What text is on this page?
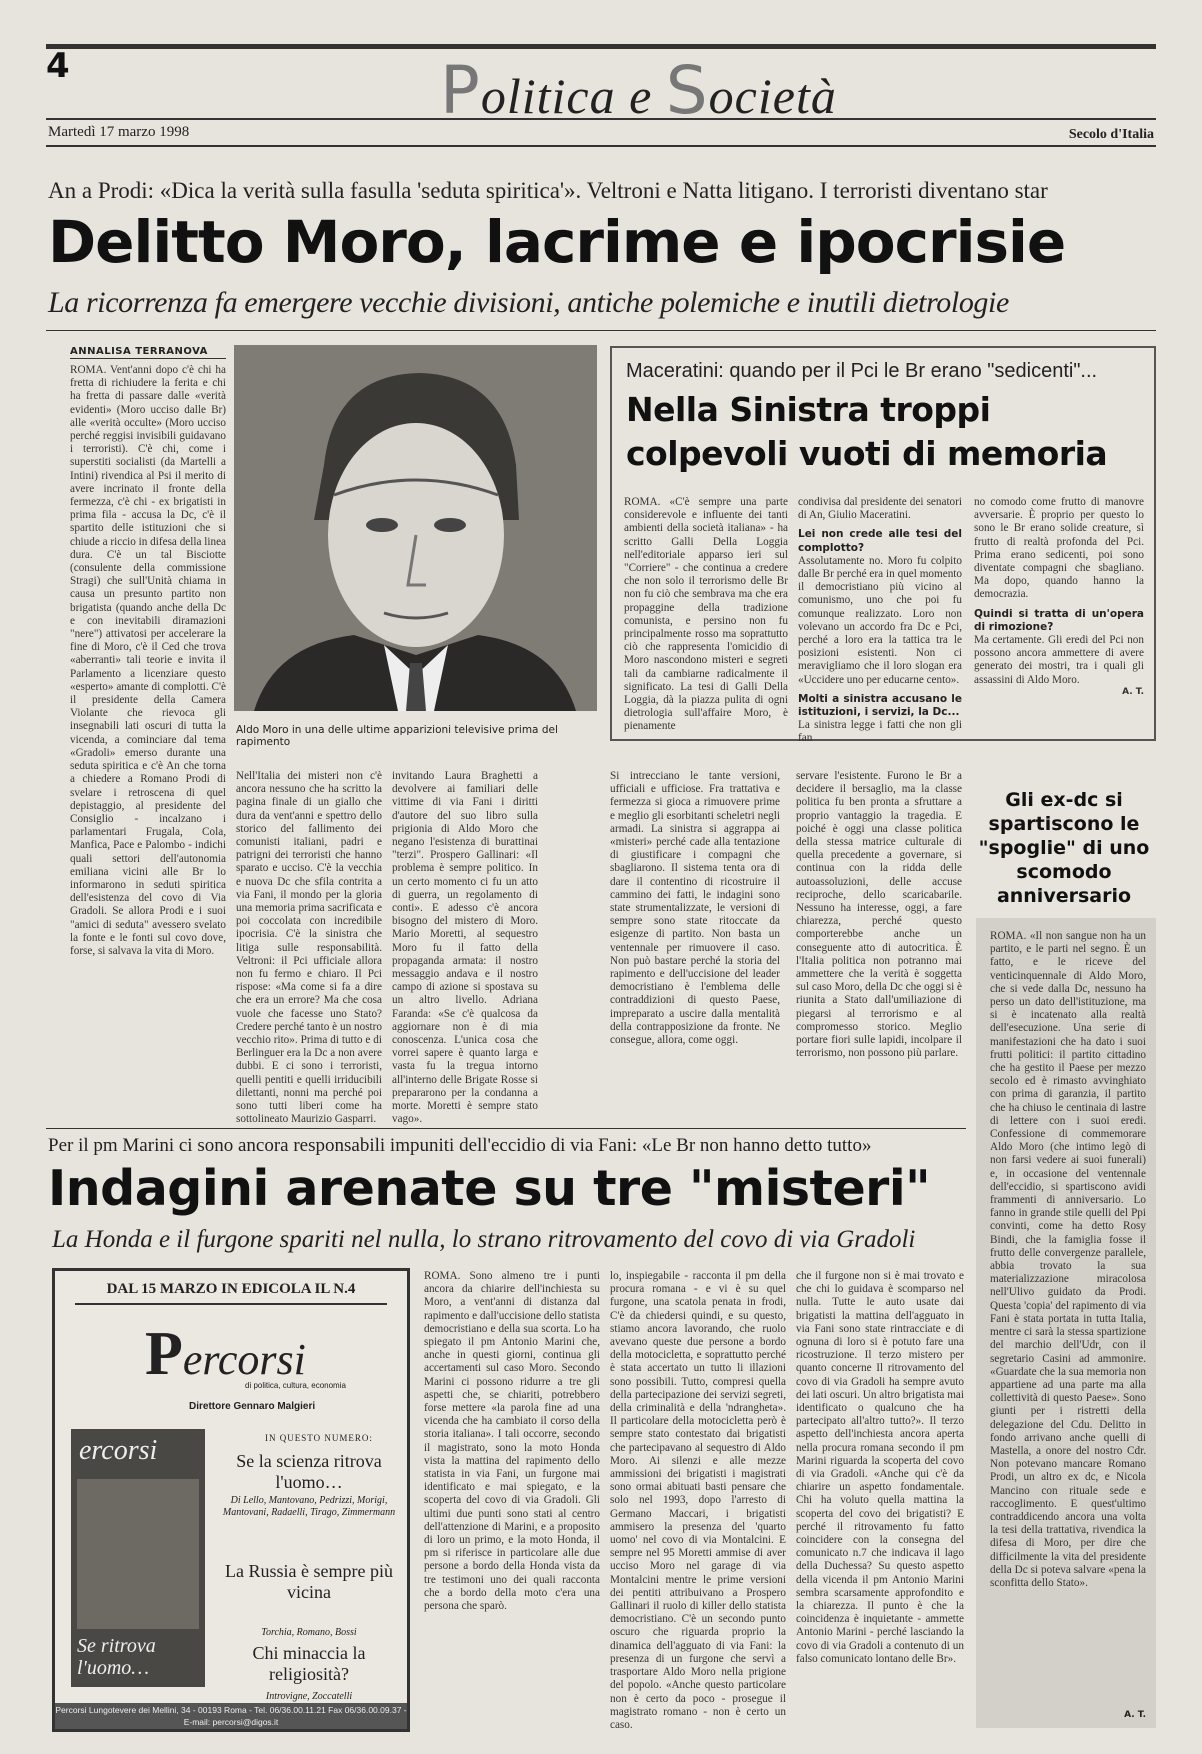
4	Politica e Società
Martedì 17 marzo 1998	Secolo d'Italia
An a Prodi: «Dica la verità sulla fasulla 'seduta spiritica'». Veltroni e Natta litigano. I terroristi diventano star
Delitto Moro, lacrime e ipocrisie
La ricorrenza fa emergere vecchie divisioni, antiche polemiche e inutili dietrologie
ANNALISA TERRANOVA
ROMA. Vent'anni dopo c'è chi ha fretta di richiudere la ferita e chi ha fretta di passare dalle «verità evidenti» (Moro ucciso dalle Br) alle «verità occulte» (Moro ucciso perché reggisi invisibili guidavano i terroristi). C'è chi, come i superstiti socialisti (da Martelli a Intini) rivendica al Psi il merito di avere incrinato il fronte della fermezza, c'è chi - ex brigatisti in prima fila - accusa la Dc, c'è il spartito delle istituzioni che si chiude a riccio in difesa della linea dura. C'è un tal Bisciotte (consulente della commissione Stragi) che sull'Unità chiama in causa un presunto partito non brigatista (quando anche della Dc e con inevitabili diramazioni "nere") attivatosi per accelerare la fine di Moro, c'è il Ced che trova «aberranti» tali teorie e invita il Parlamento a licenziare questo «esperto» amante di complotti. C'è il presidente della Camera Violante che rievoca gli insegnabili lati oscuri di tutta la vicenda, a cominciare dal tema «Gradoli» emerso durante una seduta spiritica e c'è An che torna a chiedere a Romano Prodi di svelare i retroscena di quel depistaggio, al presidente del Consiglio - incalzano i parlamentari Frugala, Cola, Manfica, Pace e Palombo - indichi quali settori dell'autonomia emiliana vicini alle Br lo informarono in seduti spiritica dell'esistenza del covo di Via Gradoli. Se allora Prodi e i suoi "amici di seduta" avessero svelato la fonte e le fonti sul covo dove, forse, si salvava la vita di Moro.
Aldo Moro in una delle ultime apparizioni televisive prima del rapimento
Maceratini: quando per il Pci le Br erano "sedicenti"...
Nella Sinistra troppi colpevoli vuoti di memoria
ROMA. «C'è sempre una parte considerevole e influente dei tanti ambienti della società italiana» - ha scritto Galli Della Loggia nell'editoriale apparso ieri sul "Corriere" - che continua a credere che non solo il terrorismo delle Br non fu ciò che sembrava ma che era propaggine della tradizione comunista, e persino non fu principalmente rosso ma soprattutto ciò che rappresenta l'omicidio di Moro nascondono misteri e segreti tali da cambiarne radicalmente il significato. La tesi di Galli Della Loggia, dà la piazza pulita di ogni dietrologia sull'affaire Moro, è pienamente
condivisa dal presidente dei senatori di An, Giulio Maceratini.
Lei non crede alle tesi del complotto?
Assolutamente no. Moro fu colpito dalle Br perché era in quel momento il democristiano più vicino al comunismo, uno che poi fu comunque realizzato. Loro non volevano un accordo fra Dc e Pci, perché a loro era la tattica tra le posizioni esistenti. Non ci meravigliamo che il loro slogan era «Uccidere uno per educarne cento».
Molti a sinistra accusano le istituzioni, i servizi, la Dc...
La sinistra legge i fatti che non gli fan
no comodo come frutto di manovre avversarie. È proprio per questo lo sono le Br erano solide creature, sì frutto di realtà profonda del Pci. Prima erano sedicenti, poi sono diventate compagni che sbagliano. Ma dopo, quando hanno la democrazia.
Quindi si tratta di un'opera di rimozione?
Ma certamente. Gli eredi del Pci non possono ancora ammettere di avere generato dei mostri, tra i quali gli assassini di Aldo Moro.
A. T.
Nell'Italia dei misteri non c'è ancora nessuno che ha scritto la pagina finale di un giallo che dura da vent'anni e spettro dello storico del fallimento dei comunisti italiani, padri e patrigni dei terroristi che hanno sparato e ucciso. C'è la vecchia e nuova Dc che sfila contrita a via Fani, il mondo per la gloria una memoria prima sacrificata e poi coccolata con incredibile ipocrisia. C'è la sinistra che litiga sulle responsabilità. Veltroni: il Pci ufficiale allora non fu fermo e chiaro. Il Pci rispose: «Ma come si fa a dire che era un errore? Ma che cosa vuole che facesse uno Stato? Credere perché tanto è un nostro vecchio rito». Prima di tutto e di Berlinguer era la Dc a non avere dubbi. E ci sono i terroristi, quelli pentiti e quelli irriducibili dilettanti, nonni ma perché poi sono tutti liberi come ha sottolineato Maurizio Gasparri.
invitando Laura Braghetti a devolvere ai familiari delle vittime di via Fani i diritti d'autore del suo libro sulla prigionia di Aldo Moro che negano l'esistenza di burattinai "terzi". Prospero Gallinari: «Il problema è sempre politico. In un certo momento ci fu un atto di guerra, un regolamento di conti». E adesso c'è ancora bisogno del mistero di Moro. Mario Moretti, al sequestro Moro fu il fatto della propaganda armata: il nostro messaggio andava e il nostro campo di azione si spostava su un altro livello. Adriana Faranda: «Se c'è qualcosa da aggiornare non è di mia conoscenza. L'unica cosa che vorrei sapere è quanto larga e vasta fu la tregua intorno all'interno delle Brigate Rosse si prepararono per la condanna a morte. Moretti è sempre stato vago».
Si intrecciano le tante versioni, ufficiali e ufficiose. Fra trattativa e fermezza si gioca a rimuovere prime e meglio gli esorbitanti scheletri negli armadi. La sinistra si aggrappa ai «misteri» perché cade alla tentazione di giustificare i compagni che sbagliarono. Il sistema tenta ora di dare il contentino di ricostruire il cammino dei fatti, le indagini sono state strumentalizzate, le versioni di sempre sono state ritoccate da esigenze di partito. Non basta un ventennale per rimuovere il caso. Non può bastare perché la storia del rapimento e dell'uccisione del leader democristiano è l'emblema delle contraddizioni di questo Paese, impreparato a uscire dalla mentalità della contrapposizione da fronte. Ne consegue, allora, come oggi.
servare l'esistente. Furono le Br a decidere il bersaglio, ma la classe politica fu ben pronta a sfruttare a proprio vantaggio la tragedia. E poiché è oggi una classe politica della stessa matrice culturale di quella precedente a governare, si continua con la ridda delle autoassoluzioni, delle accuse reciproche, dello scaricabarile. Nessuno ha interesse, oggi, a fare chiarezza, perché questo comporterebbe anche un conseguente atto di autocritica. È l'Italia politica non potranno mai ammettere che la verità è soggetta sul caso Moro, della Dc che oggi si è riunita a Stato dall'umiliazione di piegarsi al terrorismo e al compromesso storico. Meglio portare fiori sulle lapidi, incolpare il terrorismo, non possono più parlare.
Gli ex-dc si spartiscono le "spoglie" di uno scomodo anniversario
ROMA. «Il non sangue non ha un partito, e le parti nel segno. È un fatto, e le riceve del venticinquennale di Aldo Moro, che si vede dalla Dc, nessuno ha perso un dato dell'istituzione, ma si è incatenato alla realtà dell'esecuzione. Una serie di manifestazioni che ha dato i suoi frutti politici: il partito cittadino che ha gestito il Paese per mezzo secolo ed è rimasto avvinghiato con prima di garanzia, il partito che ha chiuso le centinaia di lastre di lettere con i suoi eredi. Confessione di commemorare Aldo Moro (che intimo legò di non farsi vedere ai suoi funerali) e, in occasione del ventennale dell'eccidio, si spartiscono avidi frammenti di anniversario. Lo fanno in grande stile quelli del Ppi convinti, come ha detto Rosy Bindi, che la famiglia fosse il frutto delle convergenze parallele, abbia trovato la sua materializzazione miracolosa nell'Ulivo guidato da Prodi. Questa 'copia' del rapimento di via Fani è stata portata in tutta Italia, mentre ci sarà la stessa spartizione del marchio dell'Udr, con il segretario Casini ad ammonire. «Guardate che la sua memoria non appartiene ad una parte ma alla collettività di questo Paese». Sono giunti per i ristretti della delegazione del Cdu. Delitto in fondo arrivano anche quelli di Mastella, a onore del nostro Cdr. Non potevano mancare Romano Prodi, un altro ex dc, e Nicola Mancino con rituale sede e raccoglimento. E quest'ultimo contraddicendo ancora una volta la tesi della trattativa, rivendica la difesa di Moro, per dire che difficilmente la vita del presidente della Dc si poteva salvare «pena la sconfitta dello Stato».
A. T.
Per il pm Marini ci sono ancora responsabili impuniti dell'eccidio di via Fani: «Le Br non hanno detto tutto»
Indagini arenate su tre "misteri"
La Honda e il furgone spariti nel nulla, lo strano ritrovamento del covo di via Gradoli
ROMA. Sono almeno tre i punti ancora da chiarire dell'inchiesta su Moro, a vent'anni di distanza dal rapimento e dall'uccisione dello statista democristiano e della sua scorta. Lo ha spiegato il pm Antonio Marini che, anche in questi giorni, continua gli accertamenti sul caso Moro. Secondo Marini ci possono ridurre a tre gli aspetti che, se chiariti, potrebbero forse mettere «la parola fine ad una vicenda che ha cambiato il corso della storia italiana». I tali occorre, secondo il magistrato, sono la moto Honda vista la mattina del rapimento dello statista in via Fani, un furgone mai identificato e mai spiegato, e la scoperta del covo di via Gradoli. Gli ultimi due punti sono stati al centro dell'attenzione di Marini, e a proposito di loro un primo, e la moto Honda, il pm si riferisce in particolare alle due persone a bordo della Honda vista da tre testimoni uno dei quali racconta che a bordo della moto c'era una persona che sparò.
lo, inspiegabile - racconta il pm della procura romana - e vi è su quel furgone, una scatola penata in frodi, C'è da chiedersi quindi, e su questo, stiamo ancora lavorando, che ruolo avevano queste due persone a bordo della motocicletta, e soprattutto perché è stata accertato un tutto li illazioni sono possibili. Tutto, compresi quella della partecipazione dei servizi segreti, della criminalità e della 'ndrangheta». Il particolare della motocicletta però è sempre stato contestato dai brigatisti che partecipavano al sequestro di Aldo Moro. Ai silenzi e alle mezze ammissioni dei brigatisti i magistrati sono ormai abituati basti pensare che solo nel 1993, dopo l'arresto di Germano Maccari, i brigatisti ammisero la presenza del 'quarto uomo' nel covo di via Montalcini. E sempre nel 95 Moretti ammise di aver ucciso Moro nel garage di via Montalcini mentre le prime versioni dei pentiti attribuivano a Prospero Gallinari il ruolo di killer dello statista democristiano. C'è un secondo punto oscuro che riguarda proprio la dinamica dell'agguato di via Fani: la presenza di un furgone che servì a trasportare Aldo Moro nella prigione del popolo. «Anche questo particolare non è certo da poco - prosegue il magistrato romano - non è certo un caso.
che il furgone non si è mai trovato e che chi lo guidava è scomparso nel nulla. Tutte le auto usate dai brigatisti la mattina dell'agguato in via Fani sono state rintracciate e di ognuna di loro si è potuto fare una ricostruzione. Il terzo mistero per quanto concerne Il ritrovamento del covo di via Gradoli ha sempre avuto dei lati oscuri. Un altro brigatista mai identificato o qualcuno che ha partecipato all'altro tutto?». Il terzo aspetto dell'inchiesta ancora aperta nella procura romana secondo il pm Marini riguarda la scoperta del covo di via Gradoli. «Anche qui c'è da chiarire un aspetto fondamentale. Chi ha voluto quella mattina la scoperta del covo dei brigatisti? E perché il ritrovamento fu fatto coincidere con la consegna del comunicato n.7 che indicava il lago della Duchessa? Su questo aspetto della vicenda il pm Antonio Marini sembra scarsamente approfondito e la chiarezza. Il punto è che la coincidenza è inquietante - ammette Antonio Marini - perché lasciando la covo di via Gradoli a contenuto di un falso comunicato lontano delle Br».
DAL 15 MARZO IN EDICOLA IL N.4
Percorsi
di politica, cultura, economia
Direttore Gennaro Malgieri
ercorsi
Se ritrova l'uomo…
IN QUESTO NUMERO:
Se la scienza ritrova l'uomo…
Di Lello, Mantovano, Pedrizzi, Morigi, Mantovani, Radaelli, Tirago, Zimmermann
La Russia è sempre più vicina
Torchia, Romano, Bossi
Chi minaccia la religiosità?
Introvigne, Zoccatelli
Percorsi Lungotevere dei Mellini, 34 - 00193 Roma - Tel. 06/36.00.11.21 Fax 06/36.00.09.37 - E-mail: percorsi@digos.it
